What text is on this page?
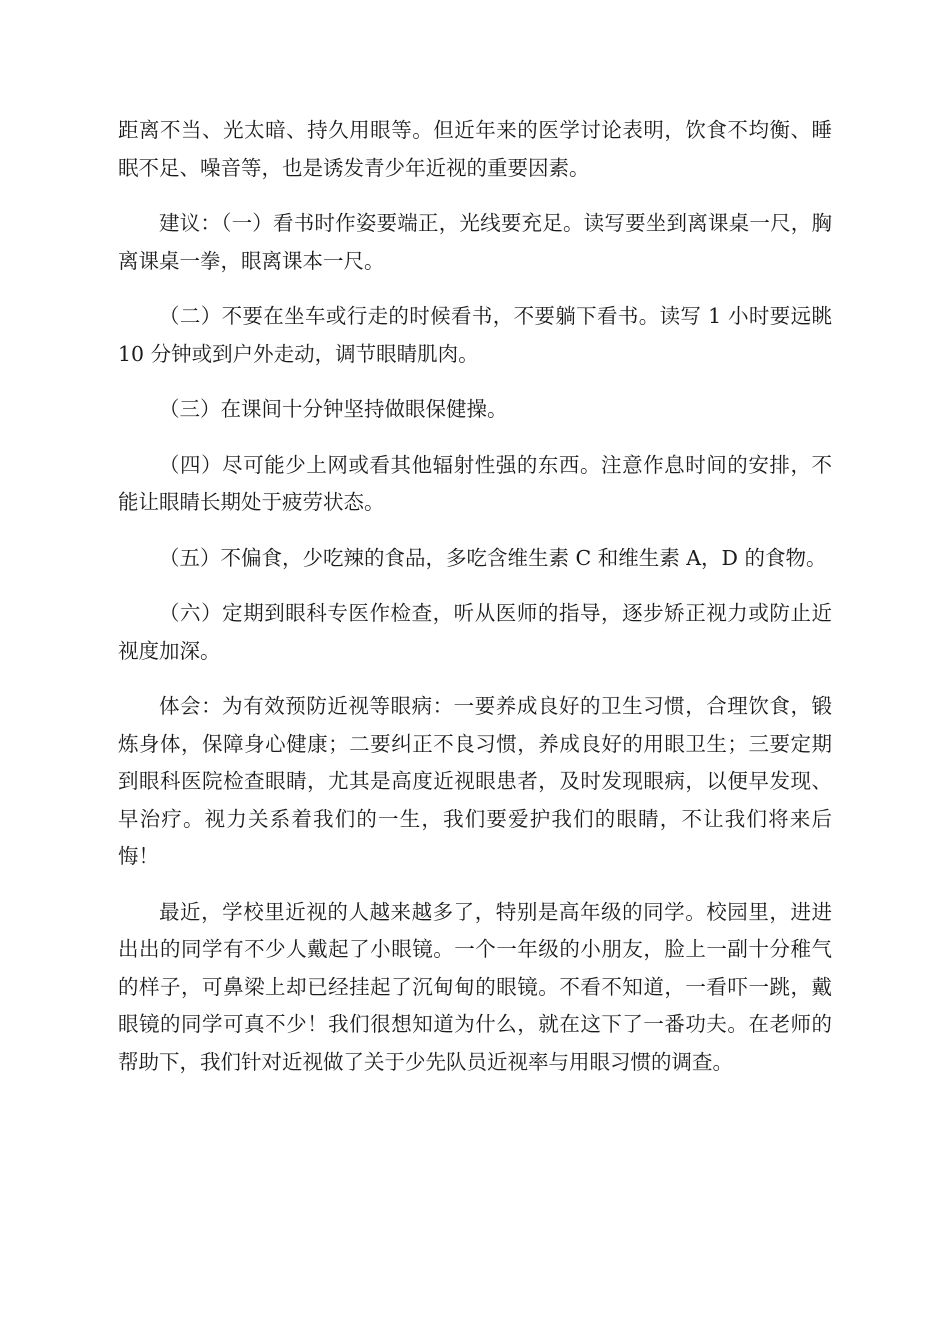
距离不当、光太暗、持久用眼等。但近年来的医学讨论表明，饮食不均衡、睡眠不足、噪音等，也是诱发青少年近视的重要因素。

建议：（一）看书时作姿要端正，光线要充足。读写要坐到离课桌一尺，胸离课桌一拳，眼离课本一尺。

（二）不要在坐车或行走的时候看书，不要躺下看书。读写 1 小时要远眺 10 分钟或到户外走动，调节眼睛肌肉。

（三）在课间十分钟坚持做眼保健操。

（四）尽可能少上网或看其他辐射性强的东西。注意作息时间的安排，不能让眼睛长期处于疲劳状态。

（五）不偏食，少吃辣的食品，多吃含维生素 C 和维生素 A，D 的食物。

（六）定期到眼科专医作检查，听从医师的指导，逐步矫正视力或防止近视度加深。

体会：为有效预防近视等眼病：一要养成良好的卫生习惯，合理饮食，锻炼身体，保障身心健康；二要纠正不良习惯，养成良好的用眼卫生；三要定期到眼科医院检查眼睛，尤其是高度近视眼患者，及时发现眼病，以便早发现、早治疗。视力关系着我们的一生，我们要爱护我们的眼睛，不让我们将来后悔！

最近，学校里近视的人越来越多了，特别是高年级的同学。校园里，进进出出的同学有不少人戴起了小眼镜。一个一年级的小朋友，脸上一副十分稚气的样子，可鼻梁上却已经挂起了沉甸甸的眼镜。不看不知道，一看吓一跳，戴眼镜的同学可真不少！我们很想知道为什么，就在这下了一番功夫。在老师的帮助下，我们针对近视做了关于少先队员近视率与用眼习惯的调查。
